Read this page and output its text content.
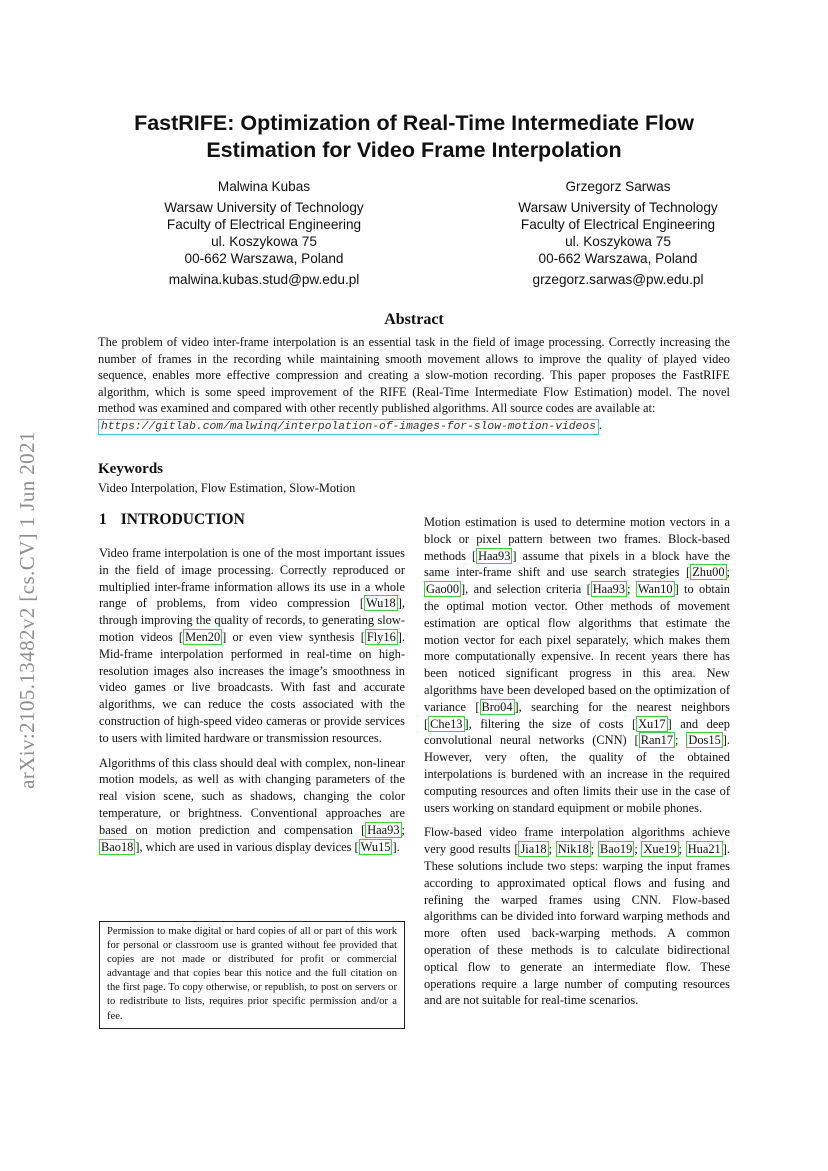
arXiv:2105.13482v2 [cs.CV] 1 Jun 2021
FastRIFE: Optimization of Real-Time Intermediate Flow Estimation for Video Frame Interpolation
Malwina Kubas
Warsaw University of Technology
Faculty of Electrical Engineering
ul. Koszykowa 75
00-662 Warszawa, Poland
malwina.kubas.stud@pw.edu.pl
Grzegorz Sarwas
Warsaw University of Technology
Faculty of Electrical Engineering
ul. Koszykowa 75
00-662 Warszawa, Poland
grzegorz.sarwas@pw.edu.pl
Abstract
The problem of video inter-frame interpolation is an essential task in the field of image processing. Correctly increasing the number of frames in the recording while maintaining smooth movement allows to improve the quality of played video sequence, enables more effective compression and creating a slow-motion recording. This paper proposes the FastRIFE algorithm, which is some speed improvement of the RIFE (Real-Time Intermediate Flow Estimation) model. The novel method was examined and compared with other recently published algorithms. All source codes are available at:
https://gitlab.com/malwinq/interpolation-of-images-for-slow-motion-videos .
Keywords
Video Interpolation, Flow Estimation, Slow-Motion
1 INTRODUCTION

Video frame interpolation is one of the most important issues in the field of image processing. Correctly reproduced or multiplied inter-frame information allows its use in a whole range of problems, from video compression [ Wu18 ], through improving the quality of records, to generating slow-motion videos [ Men20 ] or even view synthesis [ Fly16 ]. Mid-frame interpolation performed in real-time on high-resolution images also increases the image’s smoothness in video games or live broadcasts. With fast and accurate algorithms, we can reduce the costs associated with the construction of high-speed video cameras or provide services to users with limited hardware or transmission resources.

Algorithms of this class should deal with complex, non-linear motion models, as well as with changing parameters of the real vision scene, such as shadows, changing the color temperature, or brightness. Conventional approaches are based on motion prediction and compensation [ Haa93 ; Bao18 ], which are used in various display devices [ Wu15 ].

Motion estimation is used to determine motion vectors in a block or pixel pattern between two frames. Block-based methods [ Haa93 ] assume that pixels in a block have the same inter-frame shift and use search strategies [ Zhu00 ; Gao00 ], and selection criteria [ Haa93 ; Wan10 ] to obtain the optimal motion vector. Other methods of movement estimation are optical flow algorithms that estimate the motion vector for each pixel separately, which makes them more computationally expensive. In recent years there has been noticed significant progress in this area. New algorithms have been developed based on the optimization of variance [ Bro04 ], searching for the nearest neighbors [ Che13 ], filtering the size of costs [ Xu17 ] and deep convolutional neural networks (CNN) [ Ran17 ; Dos15 ]. However, very often, the quality of the obtained interpolations is burdened with an increase in the required computing resources and often limits their use in the case of users working on standard equipment or mobile phones.

Flow-based video frame interpolation algorithms achieve very good results [ Jia18 ; Nik18 ; Bao19 ; Xue19 ; Hua21 ]. These solutions include two steps: warping the input frames according to approximated optical flows and fusing and refining the warped frames using CNN. Flow-based algorithms can be divided into forward warping methods and more often used back-warping methods. A common operation of these methods is to calculate bidirectional optical flow to generate an intermediate flow. These operations require a large number of computing resources and are not suitable for real-time scenarios.

Permission to make digital or hard copies of all or part of this work for personal or classroom use is granted without fee provided that copies are not made or distributed for profit or commercial advantage and that copies bear this notice and the full citation on the first page. To copy otherwise, or republish, to post on servers or to redistribute to lists, requires prior specific permission and/or a fee.
